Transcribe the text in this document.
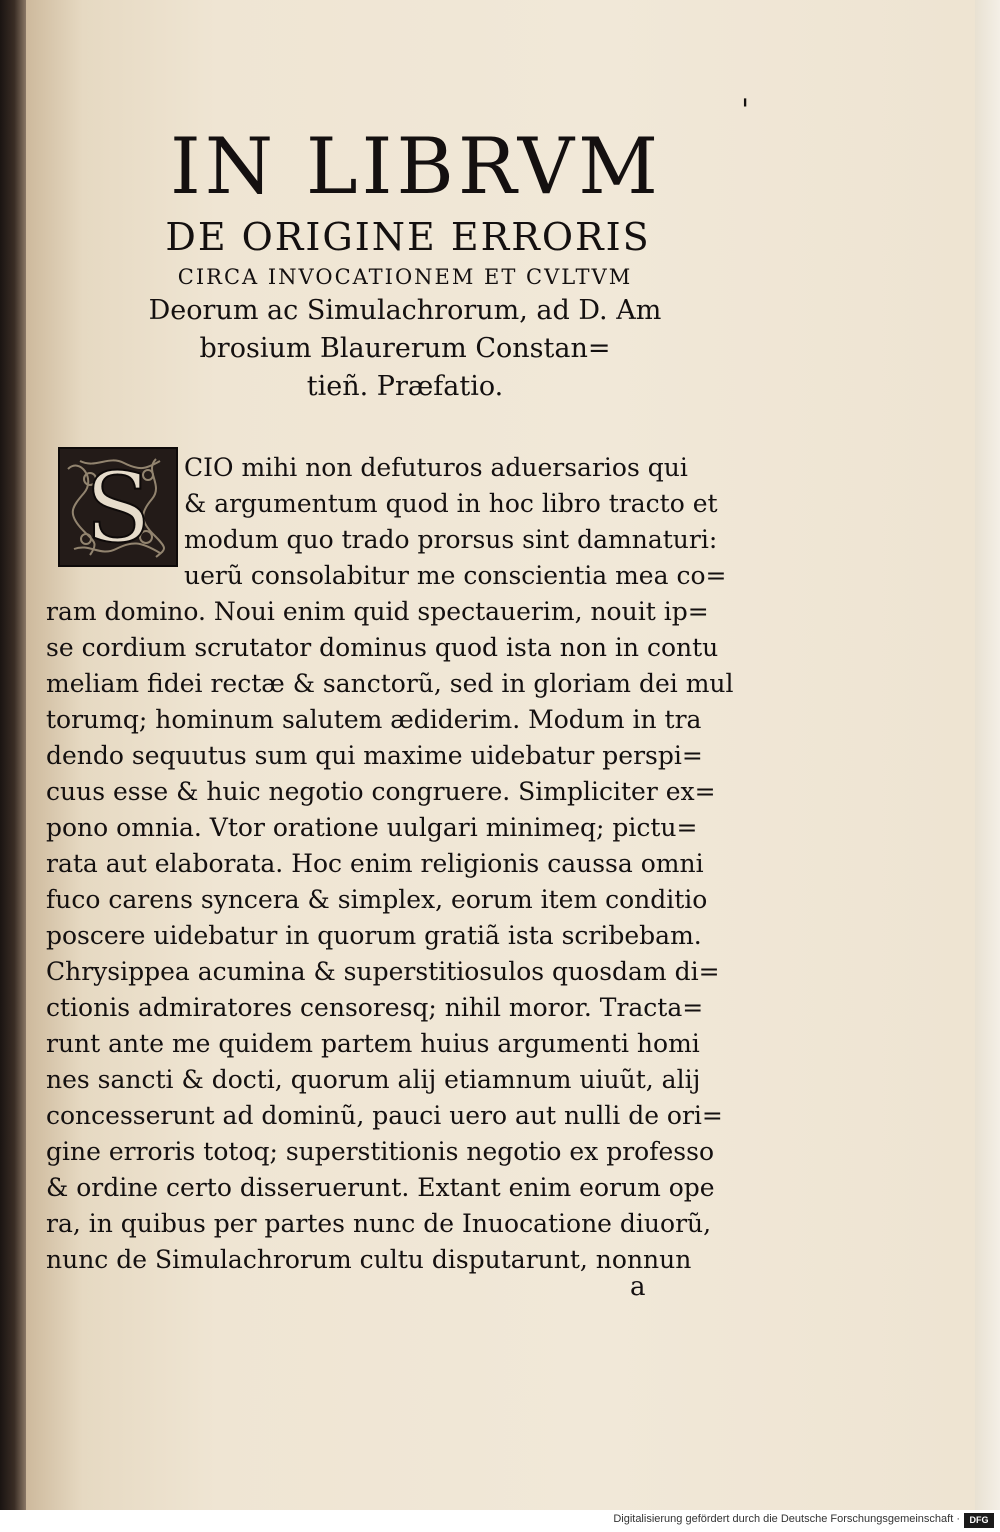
'
IN LIBRVM
DE ORIGINE ERRORIS
CIRCA INVOCATIONEM ET CVLTVM
Deorum ac Simulachrorum, ad D. Am
brosium Blaurerum Constan=
tieñ. Præfatio.
S CIO mihi non defuturos aduersarios qui
& argumentum quod in hoc libro tracto et
modum quo trado prorsus sint damnaturi:
uerũ consolabitur me conscientia mea co=
ram domino. Noui enim quid spectauerim, nouit ip=
se cordium scrutator dominus quod ista non in contu
meliam fidei rectæ & sanctorũ, sed in gloriam dei mul
torumq; hominum salutem ædiderim. Modum in tra
dendo sequutus sum qui maxime uidebatur perspi=
cuus esse & huic negotio congruere. Simpliciter ex=
pono omnia. Vtor oratione uulgari minimeq; pictu=
rata aut elaborata. Hoc enim religionis caussa omni
fuco carens syncera & simplex, eorum item conditio
poscere uidebatur in quorum gratiã ista scribebam.
Chrysippea acumina & superstitiosulos quosdam di=
ctionis admiratores censoresq; nihil moror. Tracta=
runt ante me quidem partem huius argumenti homi
nes sancti & docti, quorum alij etiamnum uiuũt, alij
concesserunt ad dominũ, pauci uero aut nulli de ori=
gine erroris totoq; superstitionis negotio ex professo
& ordine certo disseruerunt. Extant enim eorum ope
ra, in quibus per partes nunc de Inuocatione diuorũ,
nunc de Simulachrorum cultu disputarunt, nonnun
a
Digitalisierung gefördert durch die Deutsche Forschungsgemeinschaft ·	DFG
